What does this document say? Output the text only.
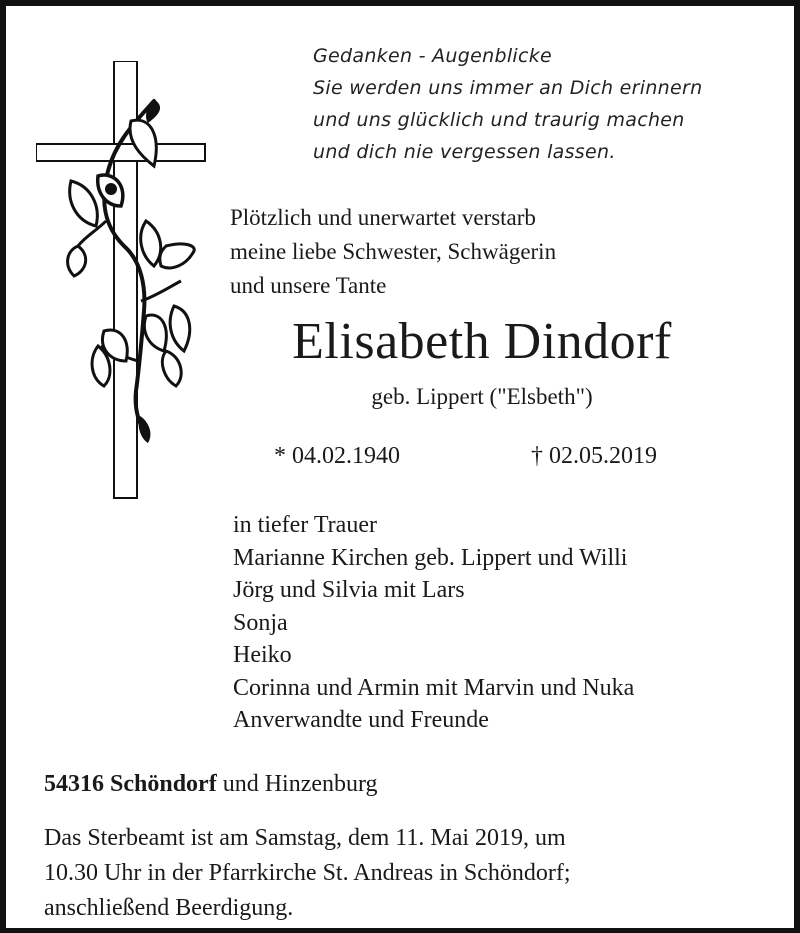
Gedanken - Augenblicke
Sie werden uns immer an Dich erinnern
und uns glücklich und traurig machen
und dich nie vergessen lassen.
Plötzlich und unerwartet verstarb
meine liebe Schwester, Schwägerin
und unsere Tante
Elisabeth Dindorf
geb. Lippert ("Elsbeth")
* 04.02.1940	† 02.05.2019
in tiefer Trauer
Marianne Kirchen geb. Lippert und Willi
Jörg und Silvia mit Lars
Sonja
Heiko
Corinna und Armin mit Marvin und Nuka
Anverwandte und Freunde
54316 Schöndorf und Hinzenburg
Das Sterbeamt ist am Samstag, dem 11. Mai 2019, um
10.30 Uhr in der Pfarrkirche St. Andreas in Schöndorf;
anschließend Beerdigung.
